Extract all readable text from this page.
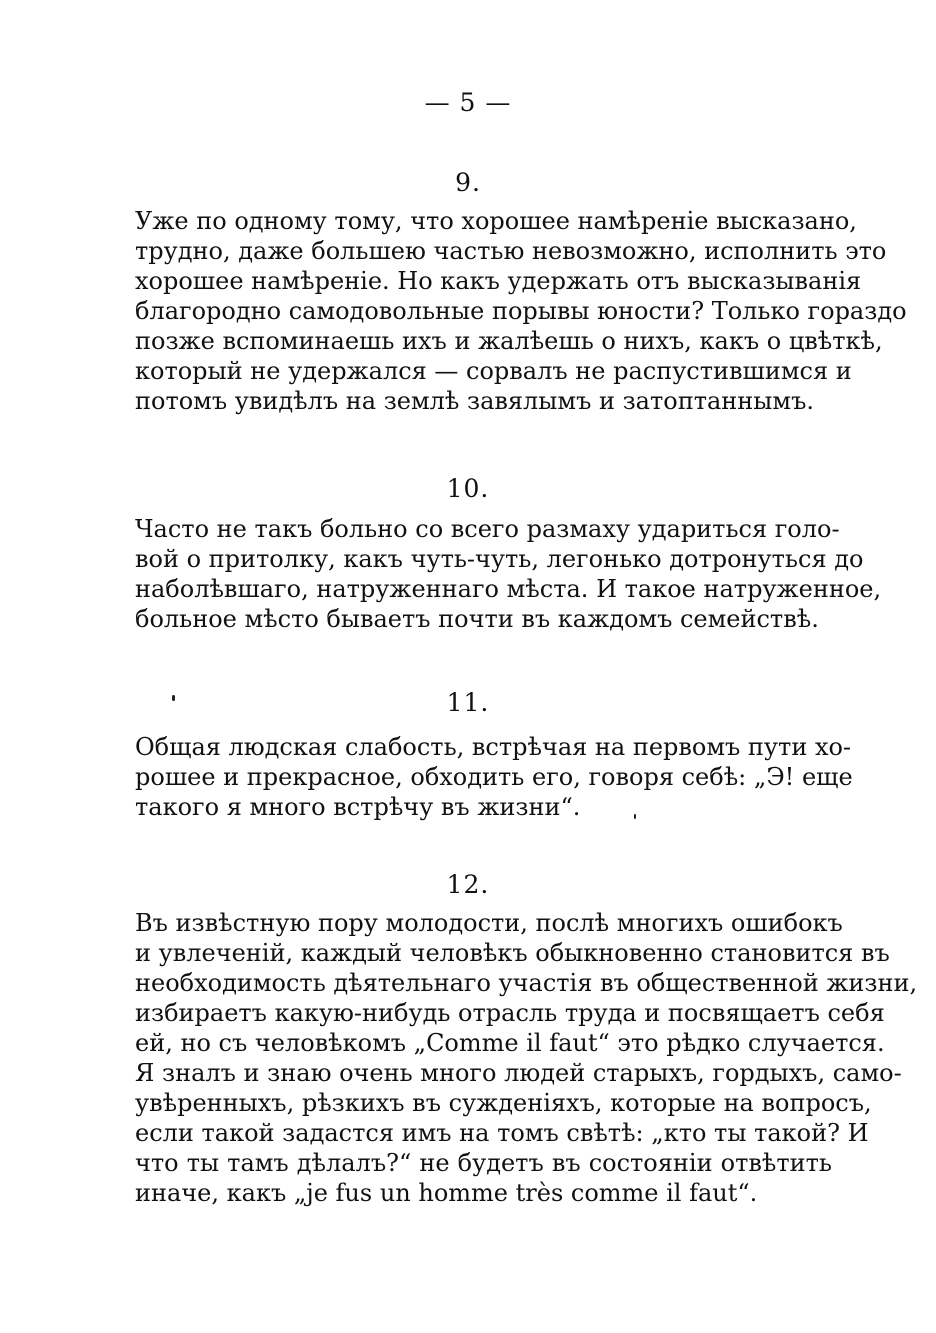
— 5 —
9.
Уже по одному тому, что хорошее намѣреніе высказано,
трудно, даже большею частью невозможно, исполнить это
хорошее намѣреніе. Но какъ удержать отъ высказыванія
благородно самодовольные порывы юности? Только гораздо
позже вспоминаешь ихъ и жалѣешь о нихъ, какъ о цвѣткѣ,
который не удержался — сорвалъ не распустившимся и
потомъ увидѣлъ на землѣ завялымъ и затоптаннымъ.
10.
Часто не такъ больно со всего размаху удариться голо-
вой о притолку, какъ чуть-чуть, легонько дотронуться до
наболѣвшаго, натруженнаго мѣста. И такое натруженное,
больное мѣсто бываетъ почти въ каждомъ семействѣ.
11.
Общая людская слабость, встрѣчая на первомъ пути хо-
рошее и прекрасное, обходить его, говоря себѣ: „Э! еще
такого я много встрѣчу въ жизни“.
12.
Въ извѣстную пору молодости, послѣ многихъ ошибокъ
и увлеченій, каждый человѣкъ обыкновенно становится въ
необходимость дѣятельнаго участія въ общественной жизни,
избираетъ какую-нибудь отрасль труда и посвящаетъ себя
ей, но съ человѣкомъ „Comme il faut“ это рѣдко случается.
Я зналъ и знаю очень много людей старыхъ, гордыхъ, само-
увѣренныхъ, рѣзкихъ въ сужденіяхъ, которые на вопросъ,
если такой задастся имъ на томъ свѣтѣ: „кто ты такой? И
что ты тамъ дѣлалъ?“ не будетъ въ состояніи отвѣтить
иначе, какъ „je fus un homme très comme il faut“.
